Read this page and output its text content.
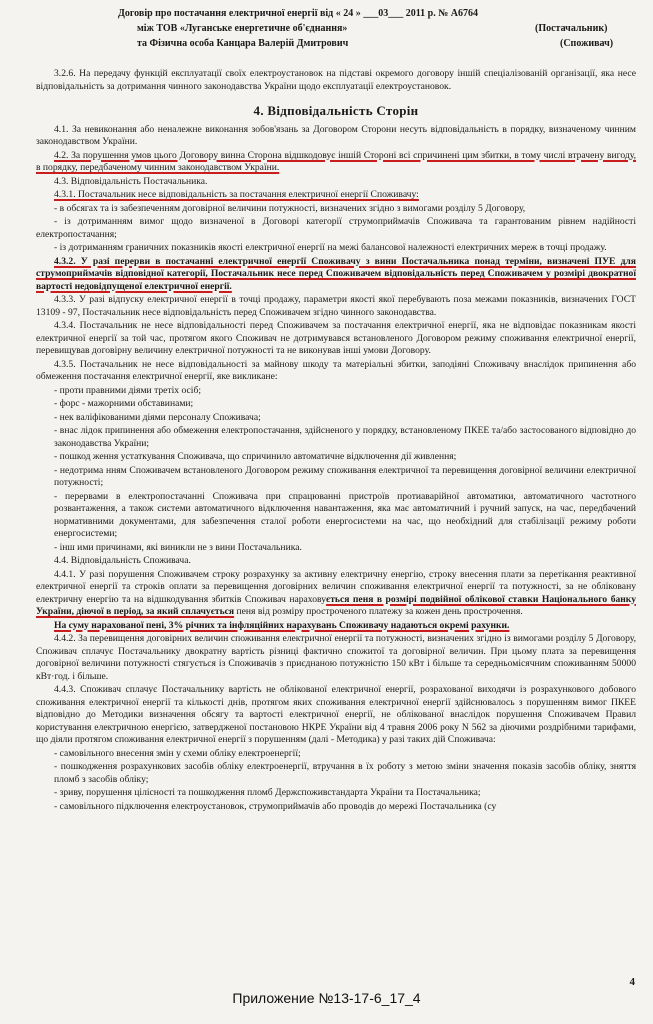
Договір про постачання електричної енергії від « 24 » ___03___ 2011 р. № А6764
між ТОВ «Луганське енергетичне об'єднання»	(Постачальник)
та Фізична особа Канцара Валерій Дмитрович	(Споживач)

3.2.6. На передачу функцій експлуатації своїх електроустановок на підставі окремого договору іншій спеціалізованій організації, яка несе відповідальність за дотримання чинного законодавства України щодо експлуатації електроустановок.

4. Відповідальність Сторін

4.1. За невиконання або неналежне виконання зобов'язань за Договором Сторони несуть відповідальність в порядку, визначеному чинним законодавством України.

4.2. За порушення умов цього Договору винна Сторона відшкодовує іншій Стороні всі спричинені цим збитки, в тому числі втрачену вигоду, в порядку, передбаченому чинним законодавством України.

4.3. Відповідальність Постачальника.

4.3.1. Постачальник несе відповідальність за постачання електричної енергії Споживачу:

- в обсягах та із забезпеченням договірної величини потужності, визначених згідно з вимогами розділу 5 Договору,

- із дотриманням вимог щодо визначеної в Договорі категорії струмоприймачів Споживача та гарантованим рівнем надійності електропостачання;

- із дотриманням граничних показників якості електричної енергії на межі балансової належності електричних мереж в точці продажу.

4.3.2. У разі перерви в постачанні електричної енергії Споживачу з вини Постачальника понад терміни, визначені ПУЕ для струмоприймачів відповідної категорії, Постачальник несе перед Споживачем відповідальність перед Споживачем у розмірі двократної вартості недовідпущеної електричної енергії.

4.3.3. У разі відпуску електричної енергії в точці продажу, параметри якості якої перебувають поза межами показників, визначених ГОСТ 13109 - 97, Постачальник несе відповідальність перед Споживачем згідно чинного законодавства.

4.3.4. Постачальник не несе відповідальності перед Споживачем за постачання електричної енергії, яка не відповідає показникам якості електричної енергії за той час, протягом якого Споживач не дотримувався встановленого Договором режиму споживання електричної енергії, перевищував договірну величину електричної потужності та не виконував інші умови Договору.

4.3.5. Постачальник не несе відповідальності за майнову шкоду та матеріальні збитки, заподіяні Споживачу внаслідок припинення або обмеження постачання електричної енергії, яке викликане:

- проти правними діями третіх осіб;

- форс - мажорними обставинами;

- нек валіфікованими діями персоналу Споживача;

- внас лідок припинення або обмеження електропостачання, здійсненого у порядку, встановленому ПКЕЕ та/або застосованого відповідно до законодавства України;

- пошкод ження устаткування Споживача, що спричинило автоматичне відключення дії живлення;

- недотрима нням Споживачем встановленого Договором режиму споживання електричної та перевищення договірної величини електричної потужності;

- перервами в електропостачанні Споживача при спрацюванні пристроїв протиаварійної автоматики, автоматичного частотного розвантаження, а також системи автоматичного відключення навантаження, яка має автоматичний і ручний запуск, на час, передбачений нормативними документами, для забезпечення сталої роботи енергосистеми на час, що необхідний для стабілізації режиму роботи енергосистеми;

- інш ими причинами, які виникли не з вини Постачальника.

4.4. Відповідальність Споживача.

4.4.1. У разі порушення Споживачем строку розрахунку за активну електричну енергію, строку внесення плати за перетікання реактивної електричної енергії та строків оплати за перевищення договірних величин споживання електричної енергії та потужності, за не обліковану електричну енергію та на відшкодування збитків Споживач нараховується пеня в розмірі подвійної облікової ставки Національного банку України, діючої в період, за який сплачується пеня від розміру простроченого платежу за кожен день прострочення.

На суму нарахованої пені, 3% річних та інфляційних нарахувань Споживачу надаються окремі рахунки.

4.4.2. За перевищення договірних величин споживання електричної енергії та потужності, визначених згідно із вимогами розділу 5 Договору, Споживач сплачує Постачальнику двократну вартість різниці фактично спожитої та договірної величин. При цьому плата за перевищення договірної величини потужності стягується із Споживачів з приєднаною потужністю 150 кВт і більше та середньомісячним споживанням 50000 кВт·год. і більше.

4.4.3. Споживач сплачує Постачальнику вартість не облікованої електричної енергії, розрахованої виходячи із розрахункового добового споживання електричної енергії та кількості днів, протягом яких споживання електричної енергії здійснювалось з порушенням вимог ПКЕЕ відповідно до Методики визначення обсягу та вартості електричної енергії, не облікованої внаслідок порушення Споживачем Правил користування електричною енергією, затвердженої постановою НКРЕ України від 4 травня 2006 року N 562 за діючими роздрібними тарифами, що діяли протягом споживання електричної енергії з порушенням (далі - Методика) у разі таких дій Споживача:

- самовільного внесення змін у схеми обліку електроенергії;

- пошкодження розрахункових засобів обліку електроенергії, втручання в їх роботу з метою зміни значення показів засобів обліку, зняття пломб з засобів обліку;

- зриву, порушення цілісності та пошкодження пломб Держспоживстандарта України та Постачальника;

- самовільного підключення електроустановок, струмоприймачів або проводів до мережі Постачальника (су

4
Приложение №13-17-6_17_4
